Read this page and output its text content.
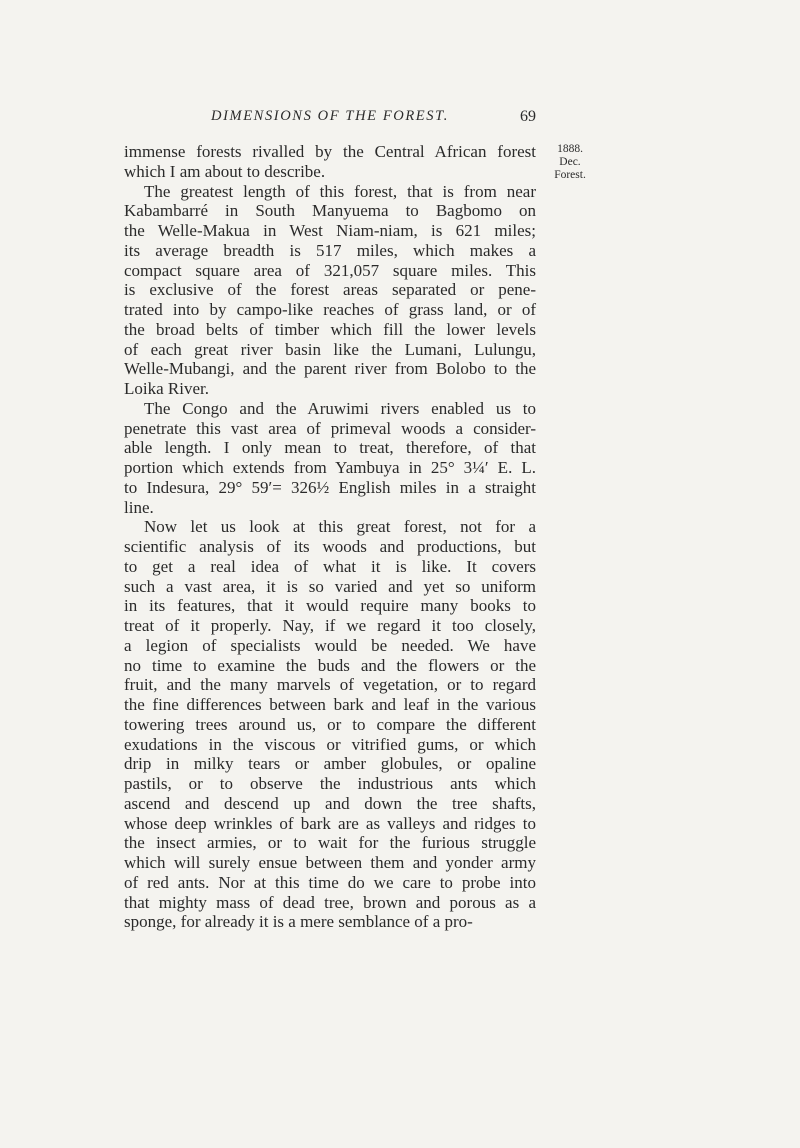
DIMENSIONS OF THE FOREST.	69
1888.
Dec.
Forest.

immense forests rivalled by the Central African forest
which I am about to describe.

The greatest length of this forest, that is from near
Kabambarré in South Manyuema to Bagbomo on
the Welle-Makua in West Niam-niam, is 621 miles;
its average breadth is 517 miles, which makes a
compact square area of 321,057 square miles. This
is exclusive of the forest areas separated or pene-
trated into by campo-like reaches of grass land, or of
the broad belts of timber which fill the lower levels
of each great river basin like the Lumani, Lulungu,
Welle-Mubangi, and the parent river from Bolobo to the
Loika River.

The Congo and the Aruwimi rivers enabled us to
penetrate this vast area of primeval woods a consider-
able length. I only mean to treat, therefore, of that
portion which extends from Yambuya in 25° 3¼′ E. L.
to Indesura, 29° 59′= 326½ English miles in a straight
line.

Now let us look at this great forest, not for a
scientific analysis of its woods and productions, but
to get a real idea of what it is like. It covers
such a vast area, it is so varied and yet so uniform
in its features, that it would require many books to
treat of it properly. Nay, if we regard it too closely,
a legion of specialists would be needed. We have
no time to examine the buds and the flowers or the
fruit, and the many marvels of vegetation, or to regard
the fine differences between bark and leaf in the various
towering trees around us, or to compare the different
exudations in the viscous or vitrified gums, or which
drip in milky tears or amber globules, or opaline
pastils, or to observe the industrious ants which
ascend and descend up and down the tree shafts,
whose deep wrinkles of bark are as valleys and ridges to
the insect armies, or to wait for the furious struggle
which will surely ensue between them and yonder army
of red ants. Nor at this time do we care to probe into
that mighty mass of dead tree, brown and porous as a
sponge, for already it is a mere semblance of a pro-
